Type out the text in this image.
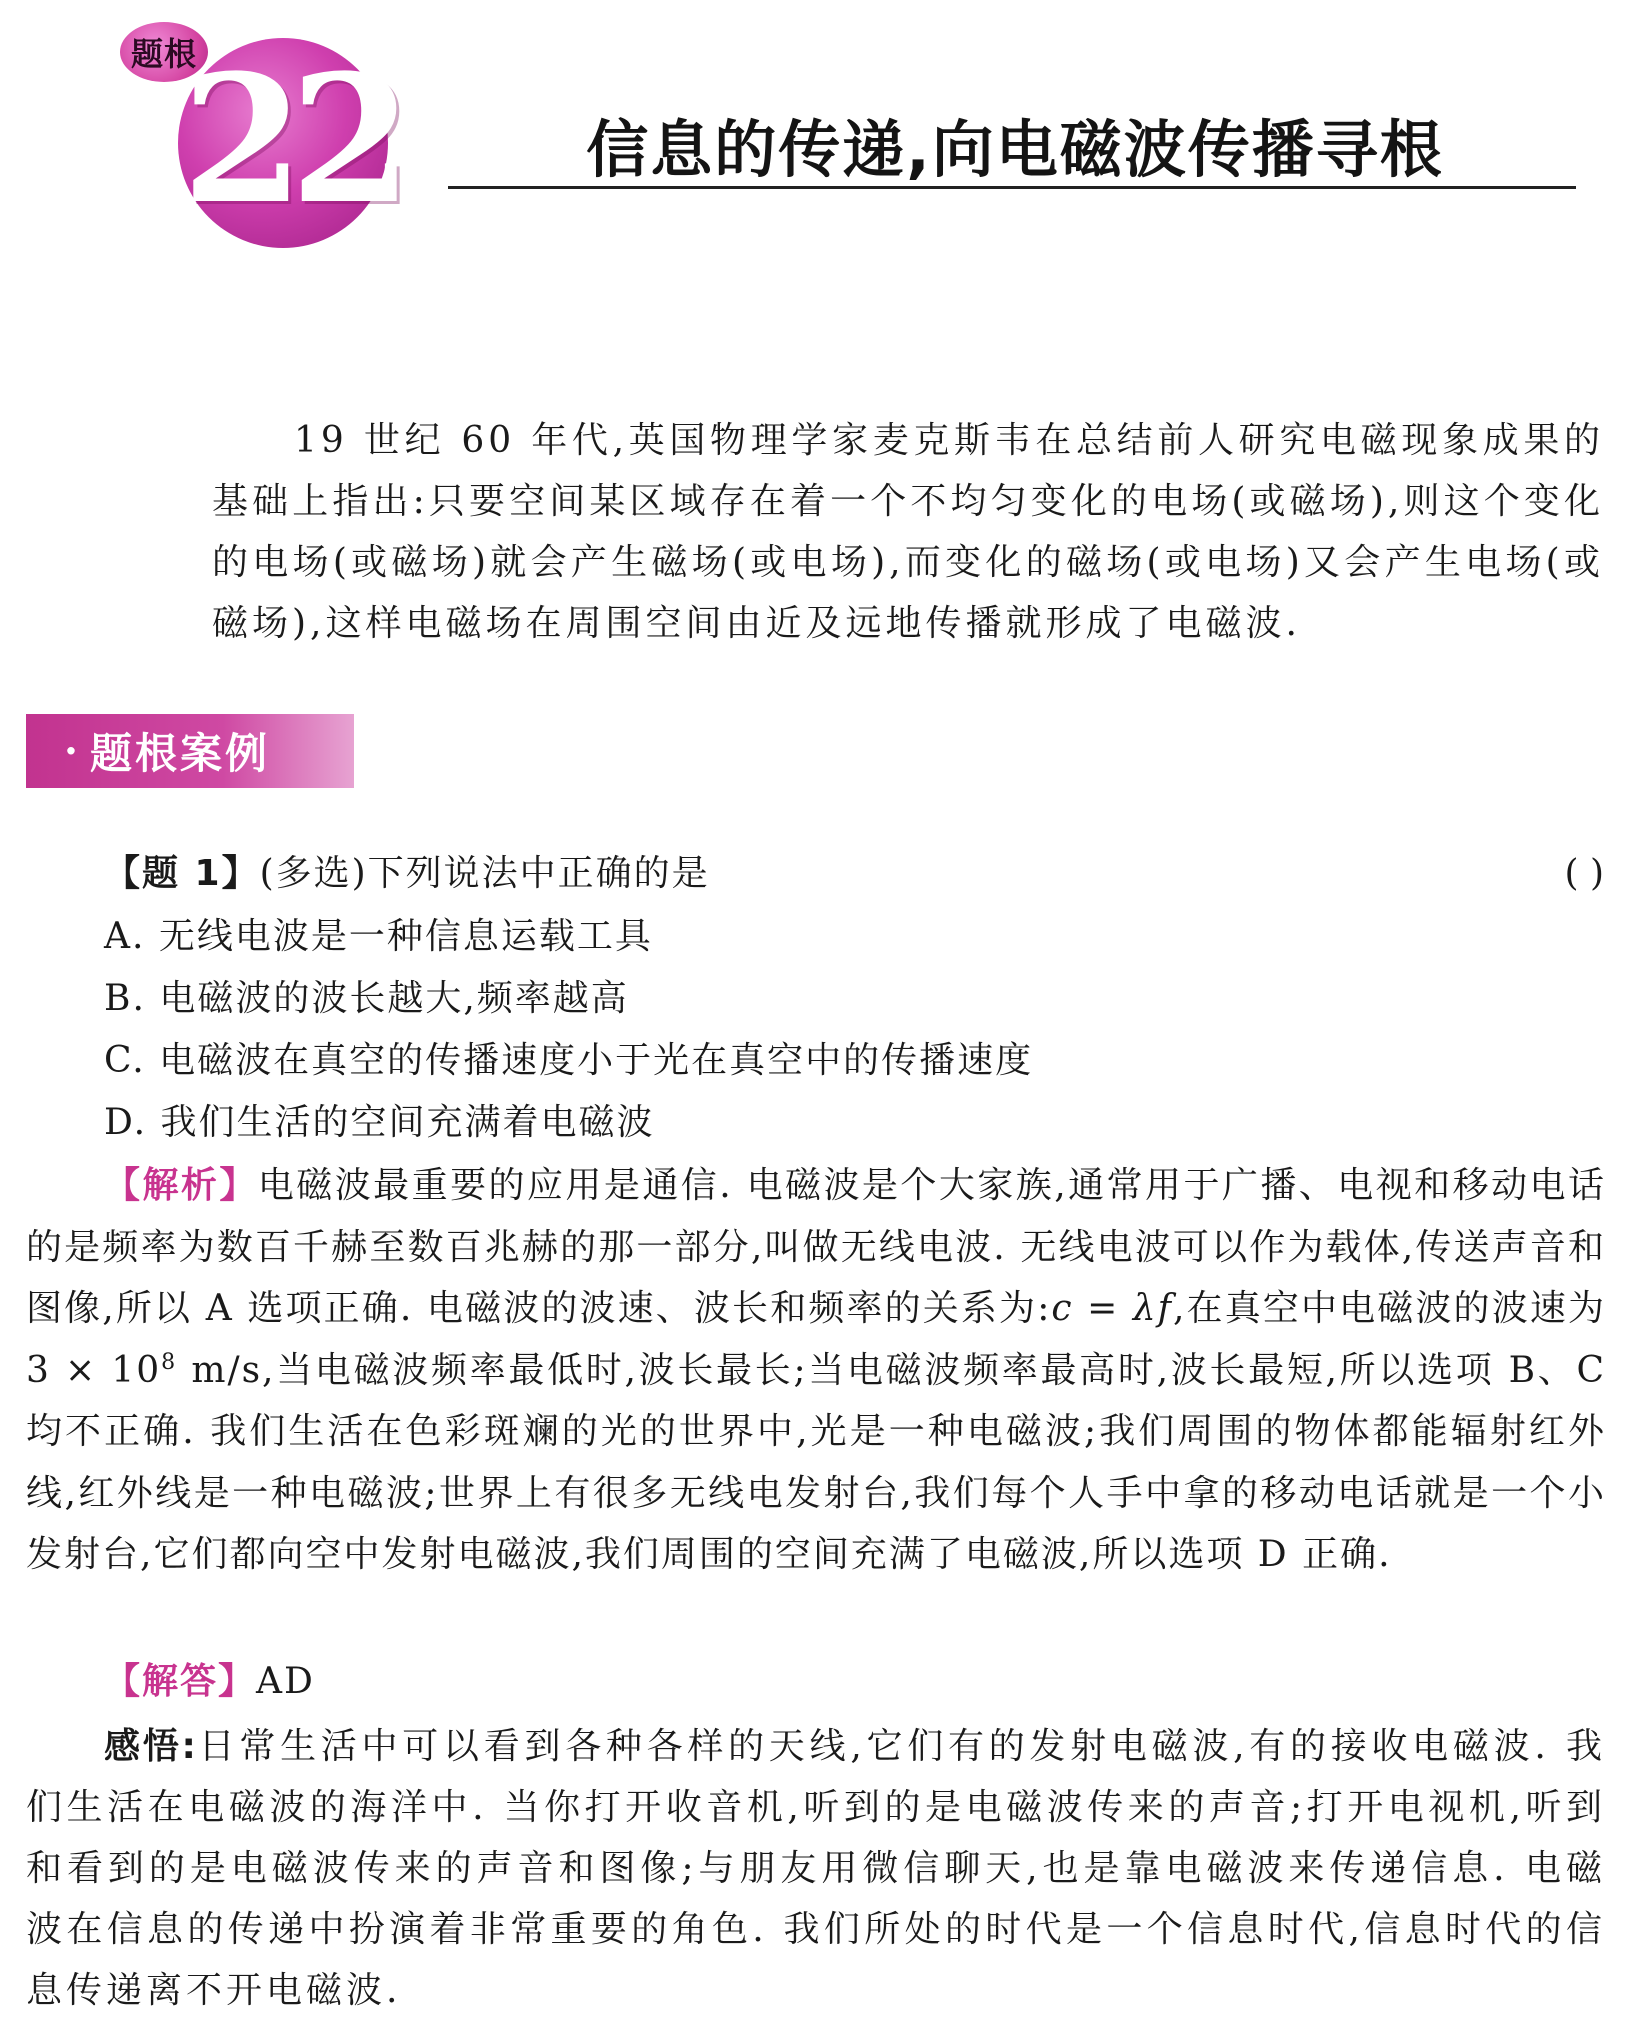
题根
22	信息的传递,向电磁波传播寻根
19 世纪 60 年代,英国物理学家麦克斯韦在总结前人研究电磁现象成果的基础上指出:只要空间某区域存在着一个不均匀变化的电场(或磁场),则这个变化的电场(或磁场)就会产生磁场(或电场),而变化的磁场(或电场)又会产生电场(或磁场),这样电磁场在周围空间由近及远地传播就形成了电磁波.
· 题根案例
【题 1】(多选)下列说法中正确的是	( )
A. 无线电波是一种信息运载工具
B. 电磁波的波长越大,频率越高
C. 电磁波在真空的传播速度小于光在真空中的传播速度
D. 我们生活的空间充满着电磁波
【解析】电磁波最重要的应用是通信. 电磁波是个大家族,通常用于广播、电视和移动电话的是频率为数百千赫至数百兆赫的那一部分,叫做无线电波. 无线电波可以作为载体,传送声音和图像,所以 A 选项正确. 电磁波的波速、波长和频率的关系为:c = λf,在真空中电磁波的波速为 $3 \times 10^8$ m/s,当电磁波频率最低时,波长最长;当电磁波频率最高时,波长最短,所以选项 B、C 均不正确. 我们生活在色彩斑斓的光的世界中,光是一种电磁波;我们周围的物体都能辐射红外线,红外线是一种电磁波;世界上有很多无线电发射台,我们每个人手中拿的移动电话就是一个小发射台,它们都向空中发射电磁波,我们周围的空间充满了电磁波,所以选项 D 正确.
【解答】AD
感悟:日常生活中可以看到各种各样的天线,它们有的发射电磁波,有的接收电磁波. 我们生活在电磁波的海洋中. 当你打开收音机,听到的是电磁波传来的声音;打开电视机,听到和看到的是电磁波传来的声音和图像;与朋友用微信聊天,也是靠电磁波来传递信息. 电磁波在信息的传递中扮演着非常重要的角色. 我们所处的时代是一个信息时代,信息时代的信息传递离不开电磁波.
